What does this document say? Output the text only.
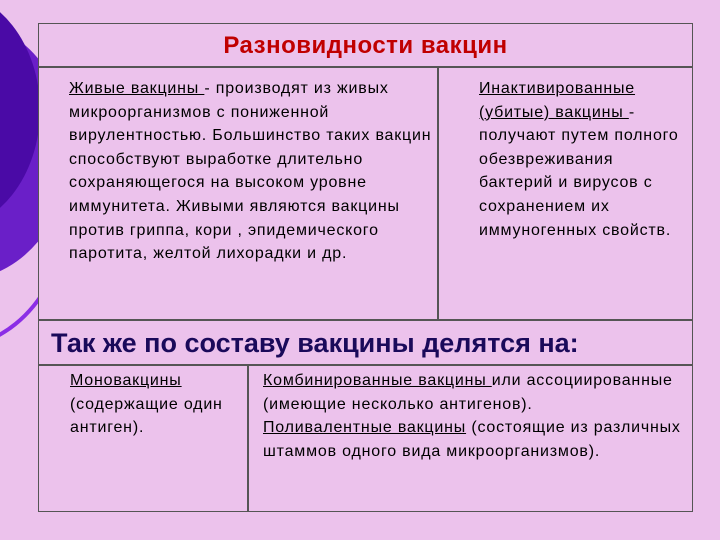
Разновидности вакцин
Живые вакцины - производят из живых микроорганизмов с пониженной вирулентностью. Большинство таких вакцин способствуют выработке длительно сохраняющегося на высоком уровне иммунитета. Живыми являются вакцины против гриппа, кори , эпидемического паротита, желтой лихорадки и др.
Инактивированные (убитые) вакцины - получают путем полного обезвреживания бактерий и вирусов с сохранением их иммуногенных свойств.
Так же по составу вакцины делятся на:
Моновакцины (содержащие один антиген).
Комбинированные вакцины или ассоциированные (имеющие несколько антигенов).
Поливалентные вакцины (состоящие из различных штаммов одного вида микроорганизмов).
